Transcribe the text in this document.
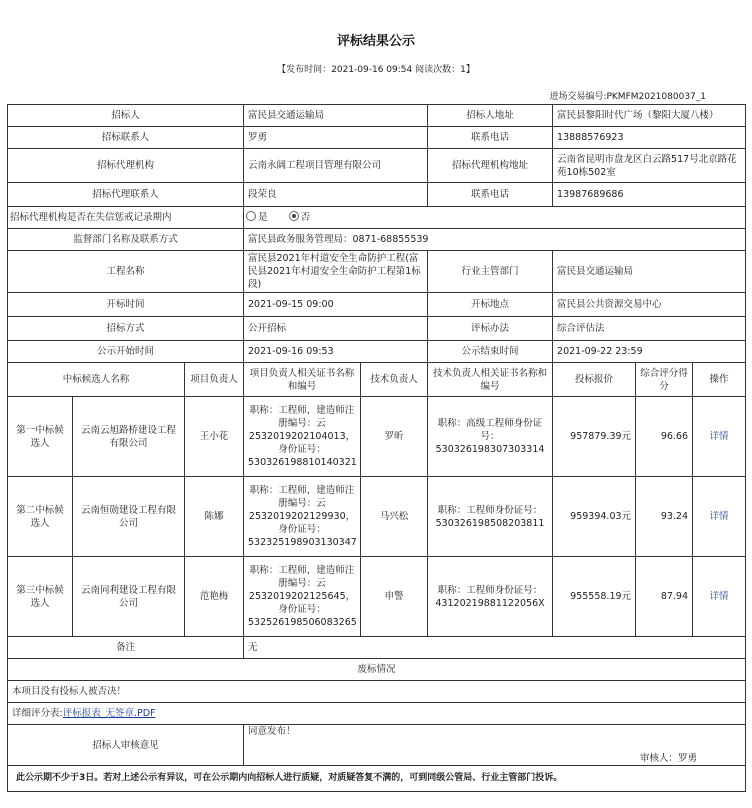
评标结果公示
【发布时间：2021-09-16 09:54 阅读次数：1】
进场交易编号:PKMFM2021080037_1
招标人			富民县交通运输局		招标人地址	富民县黎阳时代广场（黎阳大厦八楼）		
招标联系人			罗勇		联系电话	13888576923		
招标代理机构			云南永阔工程项目管理有限公司		招标代理机构地址	云南省昆明市盘龙区白云路517号北京路花苑10栋502室		
招标代理联系人			段荣良		联系电话	13987689686		
招标代理机构是否在失信惩戒记录期内			是 否					
监督部门名称及联系方式			富民县政务服务管理局：0871-68855539					
工程名称			富民县2021年村道安全生命防护工程(富民县2021年村道安全生命防护工程第1标段)		行业主管部门	富民县交通运输局		
开标时间			2021-09-15 09:00		开标地点	富民县公共资源交易中心		
招标方式			公开招标		评标办法	综合评估法		
公示开始时间			2021-09-16 09:53		公示结束时间	2021-09-22 23:59		
中标候选人名称		项目负责人	项目负责人相关证书名称和编号	技术负责人	技术负责人相关证书名称和编号	投标报价	综合评分得分	操作
第一中标候选人	云南云旭路桥建设工程有限公司	王小花	职称：工程师，建造师注册编号：云2532019202104013，身份证号：530326198810140321	罗昕	职称：高级工程师身份证号：530326198307303314	957879.39元	96.66	详情
第二中标候选人	云南恒勋建设工程有限公司	陈娜	职称：工程师，建造师注册编号：云2532019202129930，身份证号：532325198903130347	马兴松	职称：工程师身份证号：530326198508203811	959394.03元	93.24	详情
第三中标候选人	云南同利建设工程有限公司	范艳梅	职称：工程师，建造师注册编号：云2532019202125645，身份证号：532526198506083265	申警	职称：工程师身份证号：43120219881122056X	955558.19元	87.94	详情
备注			无					
废标情况								
本项目没有投标人被否决！								
详细评分表:评标报表_无签章.PDF								
招标人审核意见			同意发布！
审核人：罗勇					

此公示期不少于3日。若对上述公示有异议，可在公示期内向招标人进行质疑，对质疑答复不满的，可到同级公管局、行业主管部门投诉。								
